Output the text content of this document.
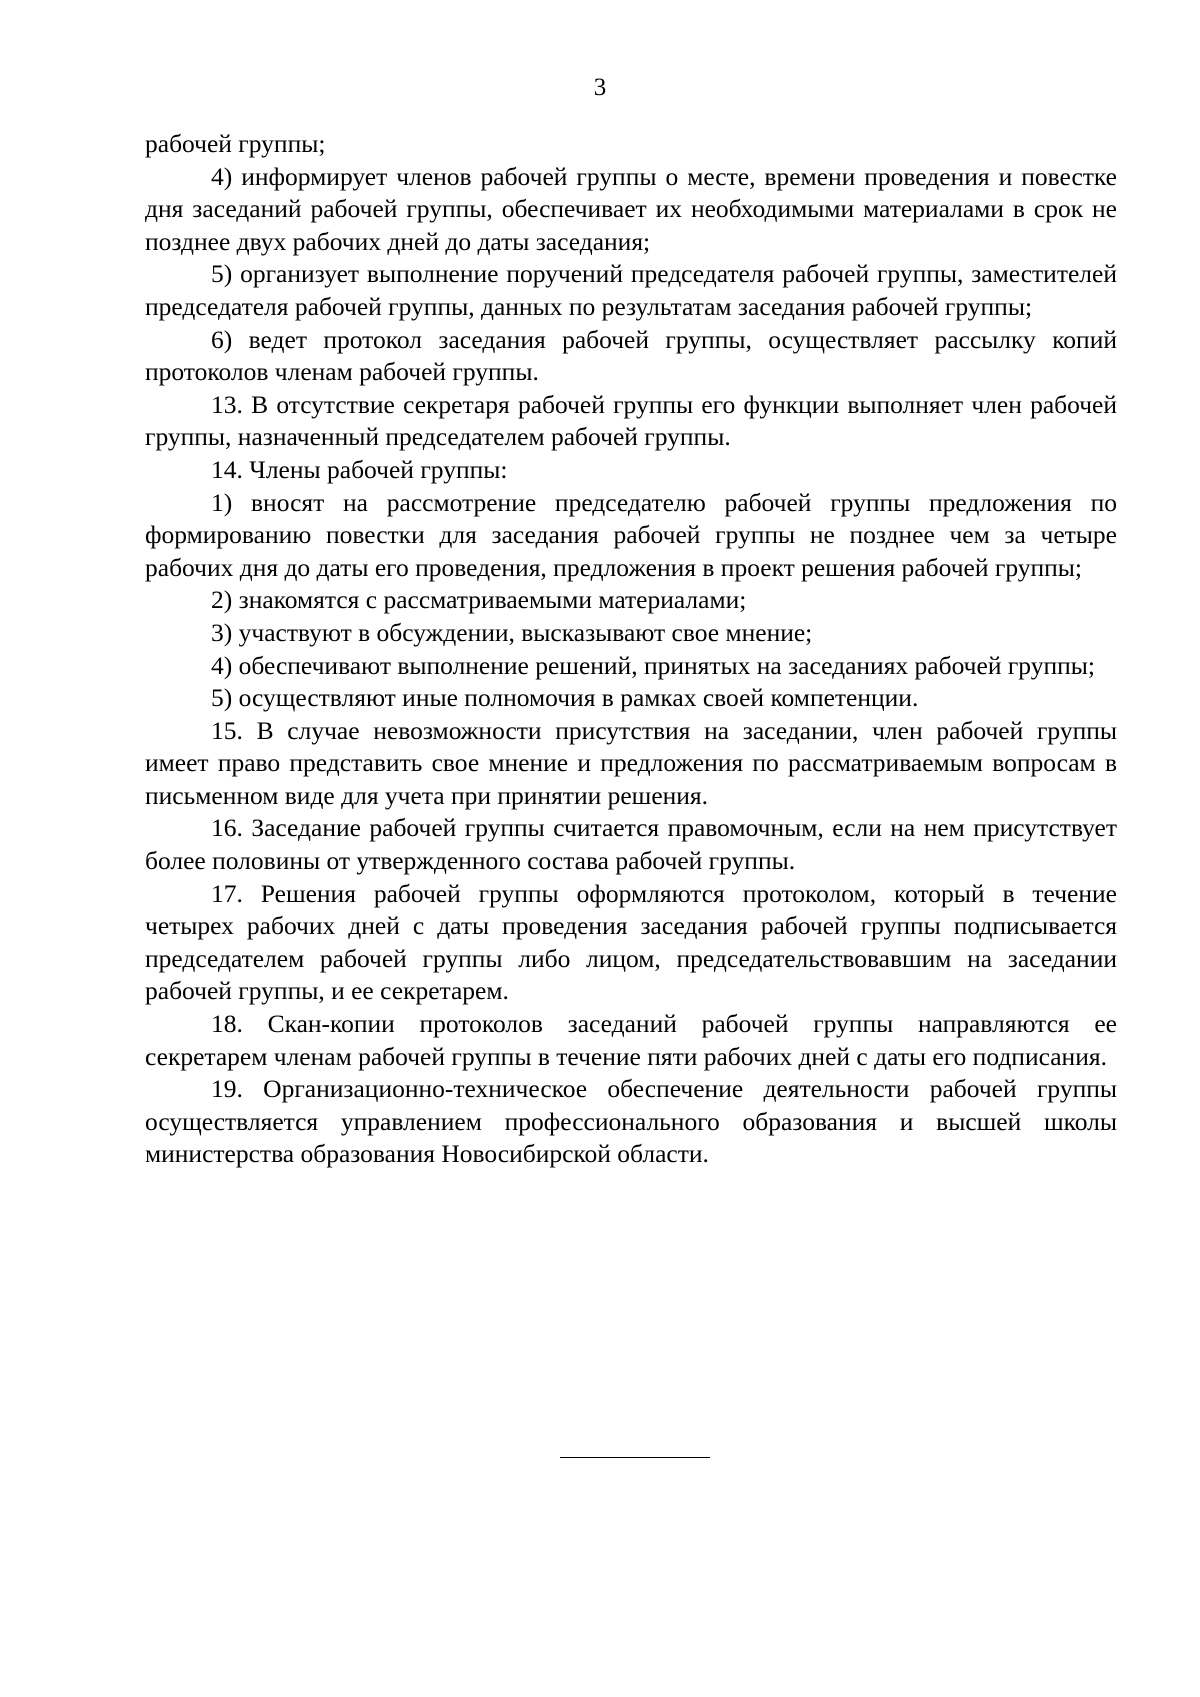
3

рабочей группы;

4) информирует членов рабочей группы о месте, времени проведения и повестке дня заседаний рабочей группы, обеспечивает их необходимыми материалами в срок не позднее двух рабочих дней до даты заседания;

5) организует выполнение поручений председателя рабочей группы, заместителей председателя рабочей группы, данных по результатам заседания рабочей группы;

6) ведет протокол заседания рабочей группы, осуществляет рассылку копий протоколов членам рабочей группы.

13. В отсутствие секретаря рабочей группы его функции выполняет член рабочей группы, назначенный председателем рабочей группы.

14. Члены рабочей группы:

1) вносят на рассмотрение председателю рабочей группы предложения по формированию повестки для заседания рабочей группы не позднее чем за четыре рабочих дня до даты его проведения, предложения в проект решения рабочей группы;

2) знакомятся с рассматриваемыми материалами;

3) участвуют в обсуждении, высказывают свое мнение;

4) обеспечивают выполнение решений, принятых на заседаниях рабочей группы;

5) осуществляют иные полномочия в рамках своей компетенции.

15. В случае невозможности присутствия на заседании, член рабочей группы имеет право представить свое мнение и предложения по рассматриваемым вопросам в письменном виде для учета при принятии решения.

16. Заседание рабочей группы считается правомочным, если на нем присутствует более половины от утвержденного состава рабочей группы.

17. Решения рабочей группы оформляются протоколом, который в течение четырех рабочих дней с даты проведения заседания рабочей группы подписывается председателем рабочей группы либо лицом, председательствовавшим на заседании рабочей группы, и ее секретарем.

18. Скан-копии протоколов заседаний рабочей группы направляются ее секретарем членам рабочей группы в течение пяти рабочих дней с даты его подписания.

19. Организационно-техническое обеспечение деятельности рабочей группы осуществляется управлением профессионального образования и высшей школы министерства образования Новосибирской области.
